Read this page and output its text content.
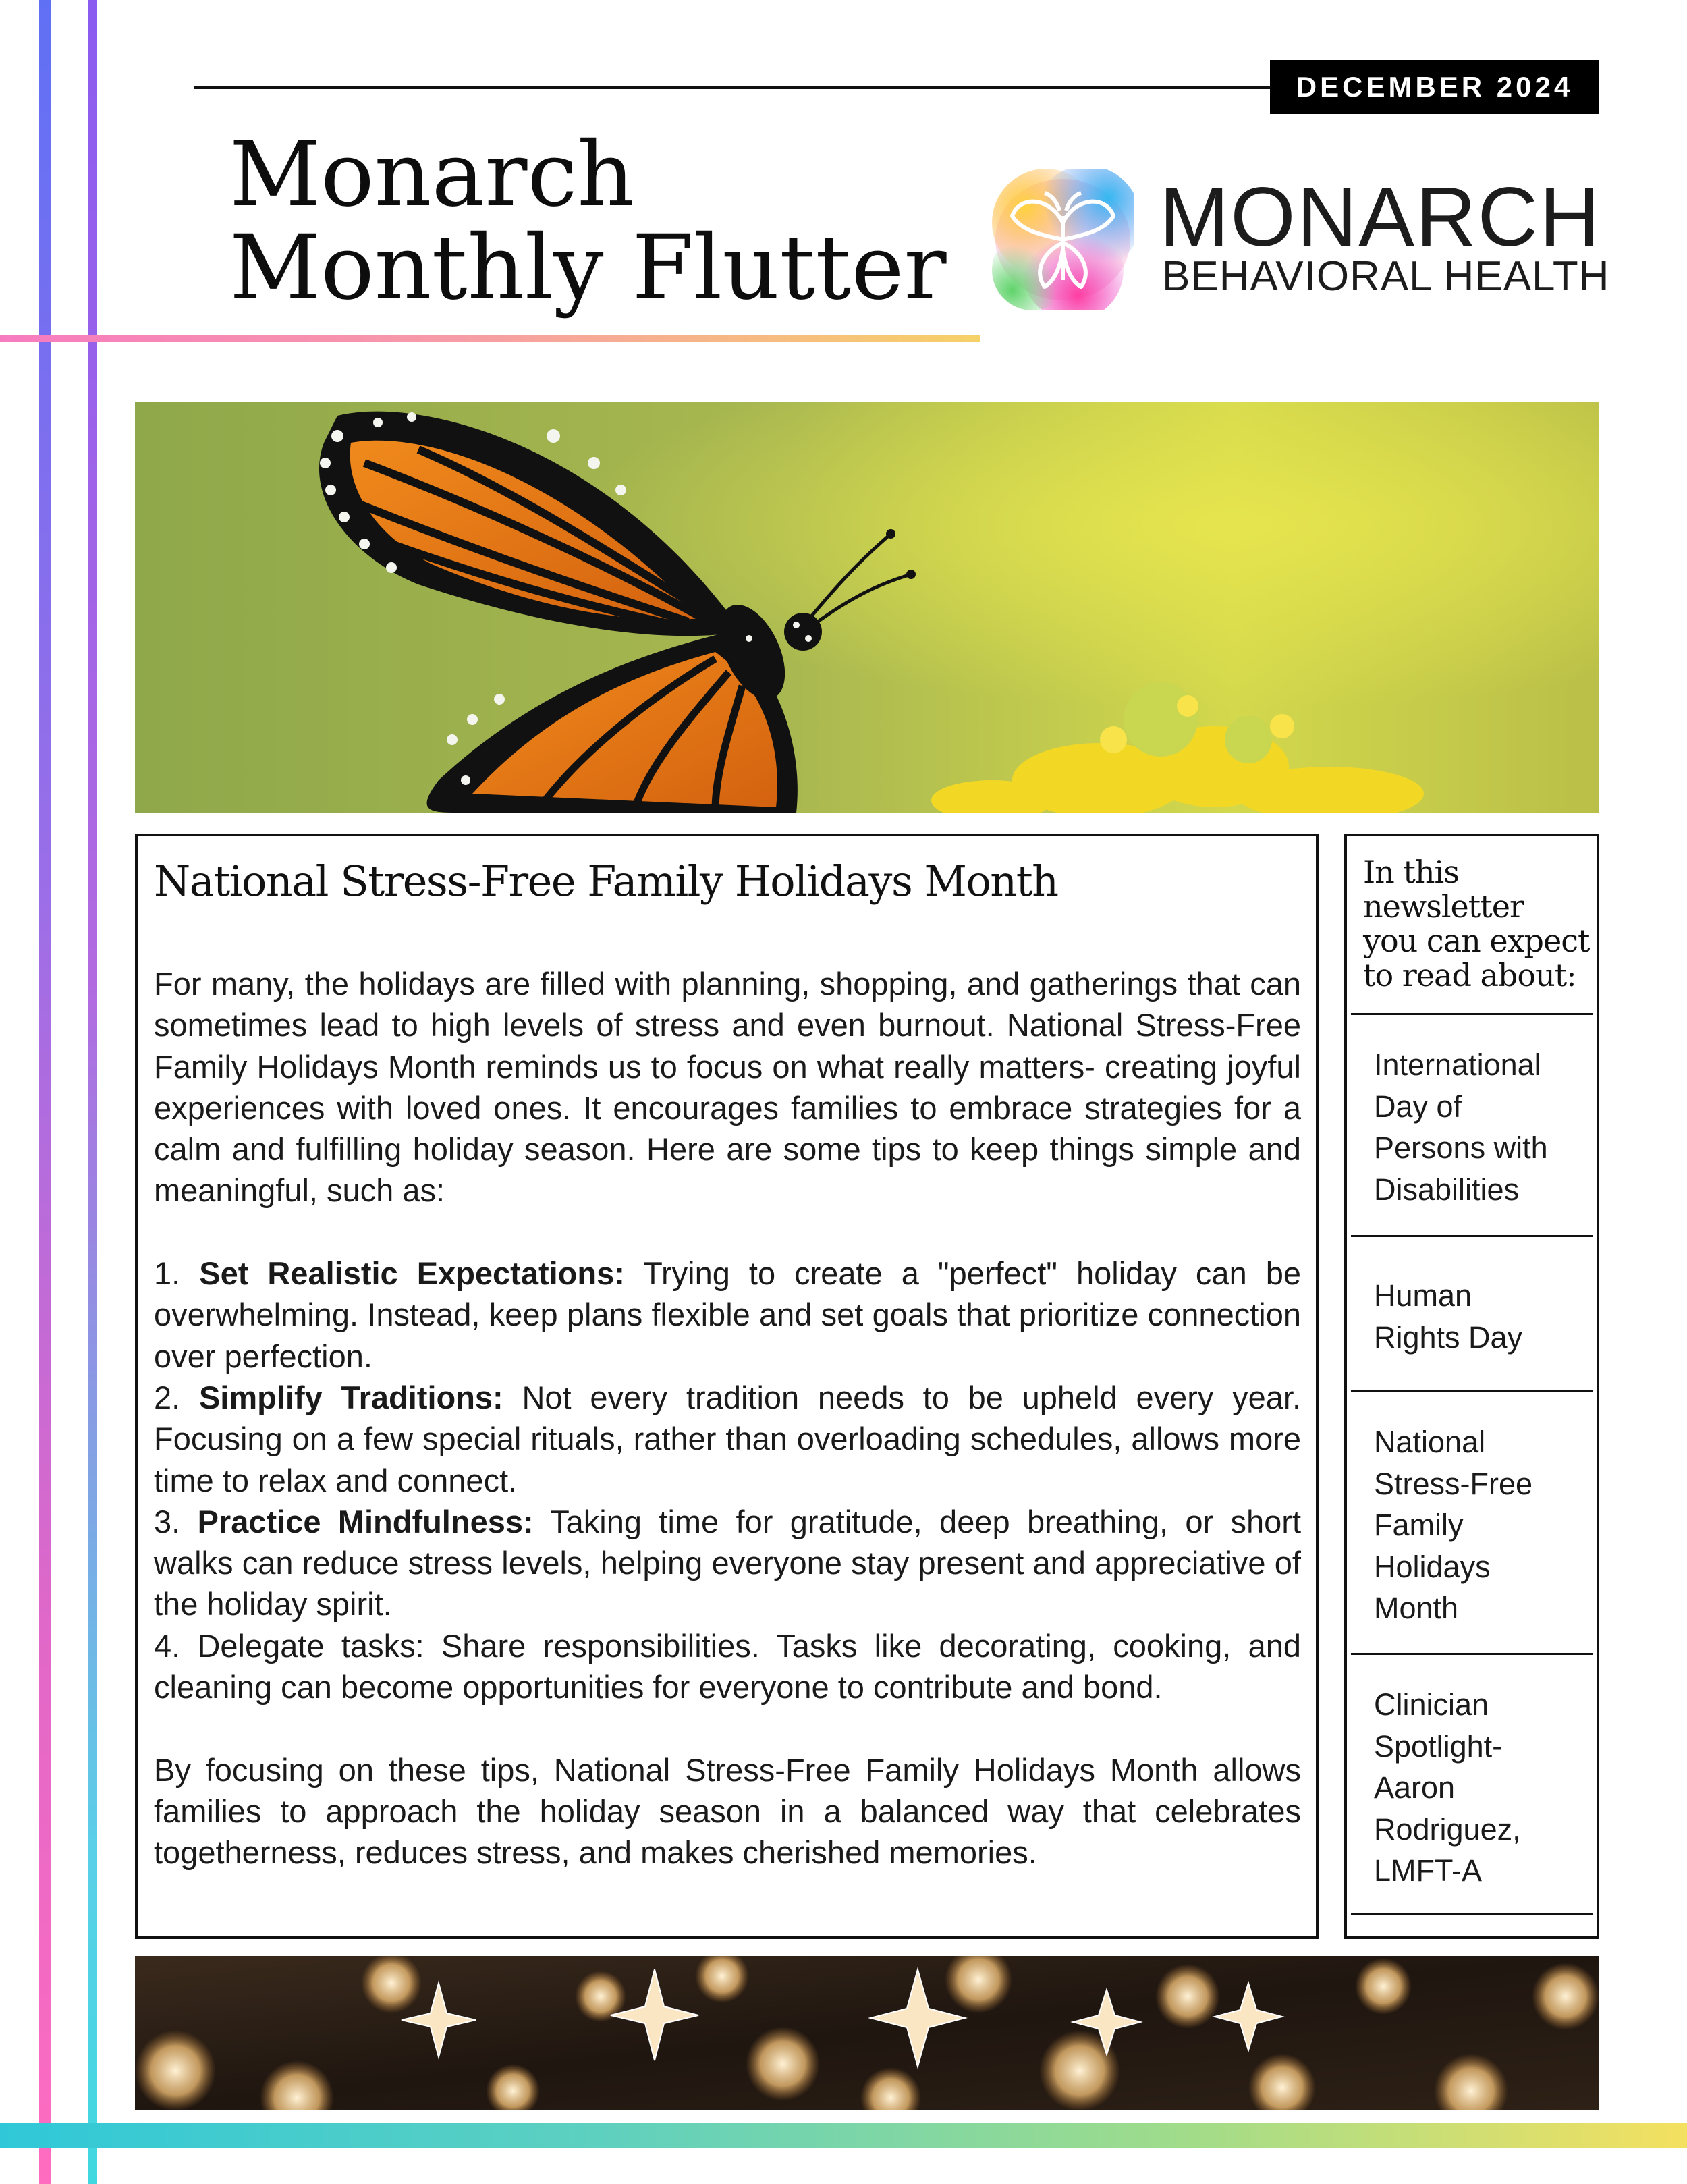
DECEMBER 2024
Monarch
Monthly Flutter	MONARCH
BEHAVIORAL HEALTH
National Stress-Free Family Holidays Month

For many, the holidays are filled with planning, shopping, and gatherings that can sometimes lead to high levels of stress and even burnout. National Stress-Free Family Holidays Month reminds us to focus on what really matters- creating joyful experiences with loved ones. It encourages families to embrace strategies for a calm and fulfilling holiday season. Here are some tips to keep things simple and meaningful, such as:

1. Set Realistic Expectations: Trying to create a "perfect" holiday can be overwhelming. Instead, keep plans flexible and set goals that prioritize connection over perfection.

2. Simplify Traditions: Not every tradition needs to be upheld every year. Focusing on a few special rituals, rather than overloading schedules, allows more time to relax and connect.

3. Practice Mindfulness: Taking time for gratitude, deep breathing, or short walks can reduce stress levels, helping everyone stay present and appreciative of the holiday spirit.

4. Delegate tasks: Share responsibilities. Tasks like decorating, cooking, and cleaning can become opportunities for everyone to contribute and bond.

By focusing on these tips, National Stress-Free Family Holidays Month allows families to approach the holiday season in a balanced way that celebrates togetherness, reduces stress, and makes cherished memories.

In this
newsletter
you can expect
to read about:
International
Day of
Persons with
Disabilities
Human
Rights Day
National
Stress-Free
Family
Holidays
Month
Clinician
Spotlight-
Aaron
Rodriguez,
LMFT-A
